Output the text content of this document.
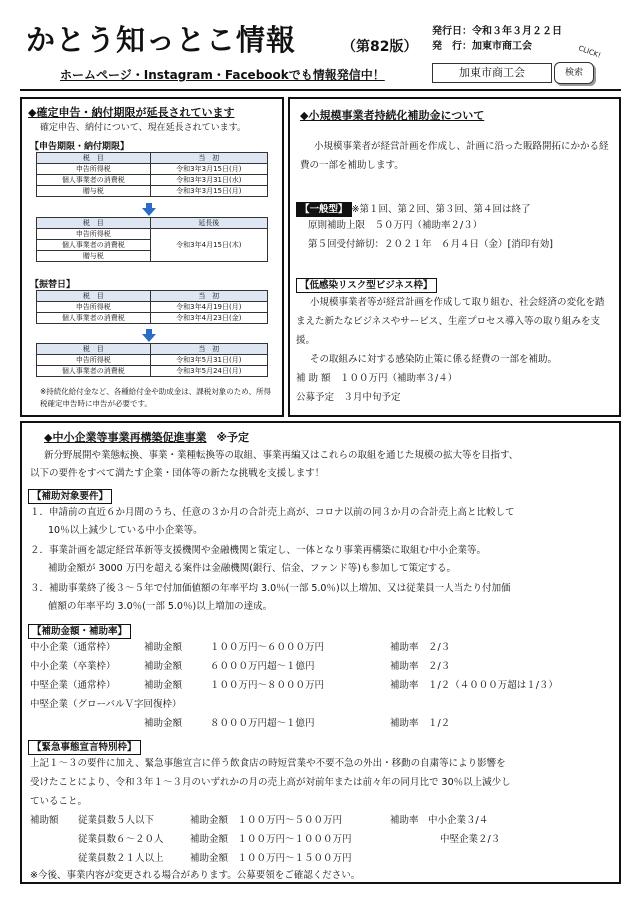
かとう知っとこ情報	（第82版）
ホームページ・Instagram・Facebookでも情報発信中！
発行日：令和３年３月２２日
発　行：加東市商工会
加東市商工会	検索
CLICK!
◆確定申告・納付期限が延長されています
確定申告、納付について、現在延長されています。
【申告期限・納付期限】
税　目	当　初
申告所得税	令和3年3月15日(月)
個人事業者の消費税	令和3年3月31日(水)
贈与税	令和3年3月15日(月)
税　目	延長後
申告所得税	令和3年4月15日(木)
個人事業者の消費税	
贈与税	
【振替日】
税　目	当　初
申告所得税	令和3年4月19日(月)
個人事業者の消費税	令和3年4月23日(金)
税　目	当　初
申告所得税	令和3年5月31日(月)
個人事業者の消費税	令和3年5月24日(月)
※持続化給付金など、各種給付金や助成金は、課税対象のため、所得税確定申告時に申告が必要です。
◆小規模事業者持続化補助金について
小規模事業者が経営計画を作成し、計画に沿った販路開拓にかかる経費の一部を補助します。
【一般型】 ※第１回、第２回、第３回、第４回は終了
原則補助上限　５０万円（補助率２/３）
第５回受付締切：２０２１年　６月４日（金）[消印有効]
【低感染リスク型ビジネス枠】
小規模事業者等が経営計画を作成して取り組む、社会経済の変化を踏まえた新たなビジネスやサービス、生産プロセス導入等の取り組みを支援。
その取組みに対する感染防止策に係る経費の一部を補助。
補 助 額　１００万円（補助率３/４）
公募予定　３月中旬予定
◆中小企業等事業再構築促進事業 ※予定
新分野展開や業態転換、事業・業種転換等の取組、事業再編又はこれらの取組を通じた規模の拡大等を目指す、
以下の要件をすべて満たす企業・団体等の新たな挑戦を支援します！
【補助対象要件】
１．申請前の直近６か月間のうち、任意の３か月の合計売上高が、コロナ以前の同３か月の合計売上高と比較して
10％以上減少している中小企業等。
２．事業計画を認定経営革新等支援機関や金融機関と策定し、一体となり事業再構築に取組む中小企業等。
補助金額が 3000 万円を超える案件は金融機関(銀行、信金、ファンド等)も参加して策定する。
３．補助事業終了後３～５年で付加価値額の年率平均 3.0％(一部 5.0％)以上増加、又は従業員一人当たり付加価
値額の年率平均 3.0％(一部 5.0％)以上増加の達成。
【補助金額・補助率】
中小企業（通常枠）	補助金額	１００万円～６０００万円	補助率　２/３
中小企業（卒業枠）	補助金額	６０００万円超～１億円	補助率　２/３
中堅企業（通常枠）	補助金額	１００万円～８０００万円	補助率　１/２（４０００万超は１/３）
中堅企業（グローバルＶ字回復枠）
補助金額	８０００万円超～１億円	補助率　１/２
【緊急事態宣言特別枠】
上記１～３の要件に加え、緊急事態宣言に伴う飲食店の時短営業や不要不急の外出・移動の自粛等により影響を
受けたことにより、令和３年１～３月のいずれかの月の売上高が対前年または前々年の同月比で 30％以上減少し
ていること。
補助額 従業員数５人以下	補助金額　１００万円～５００万円	補助率　中小企業３/４
従業員数６～２０人	補助金額　１００万円～１０００万円	中堅企業２/３
従業員数２１人以上	補助金額　１００万円～１５００万円
※今後、事業内容が変更される場合があります。公募要領をご確認ください。
